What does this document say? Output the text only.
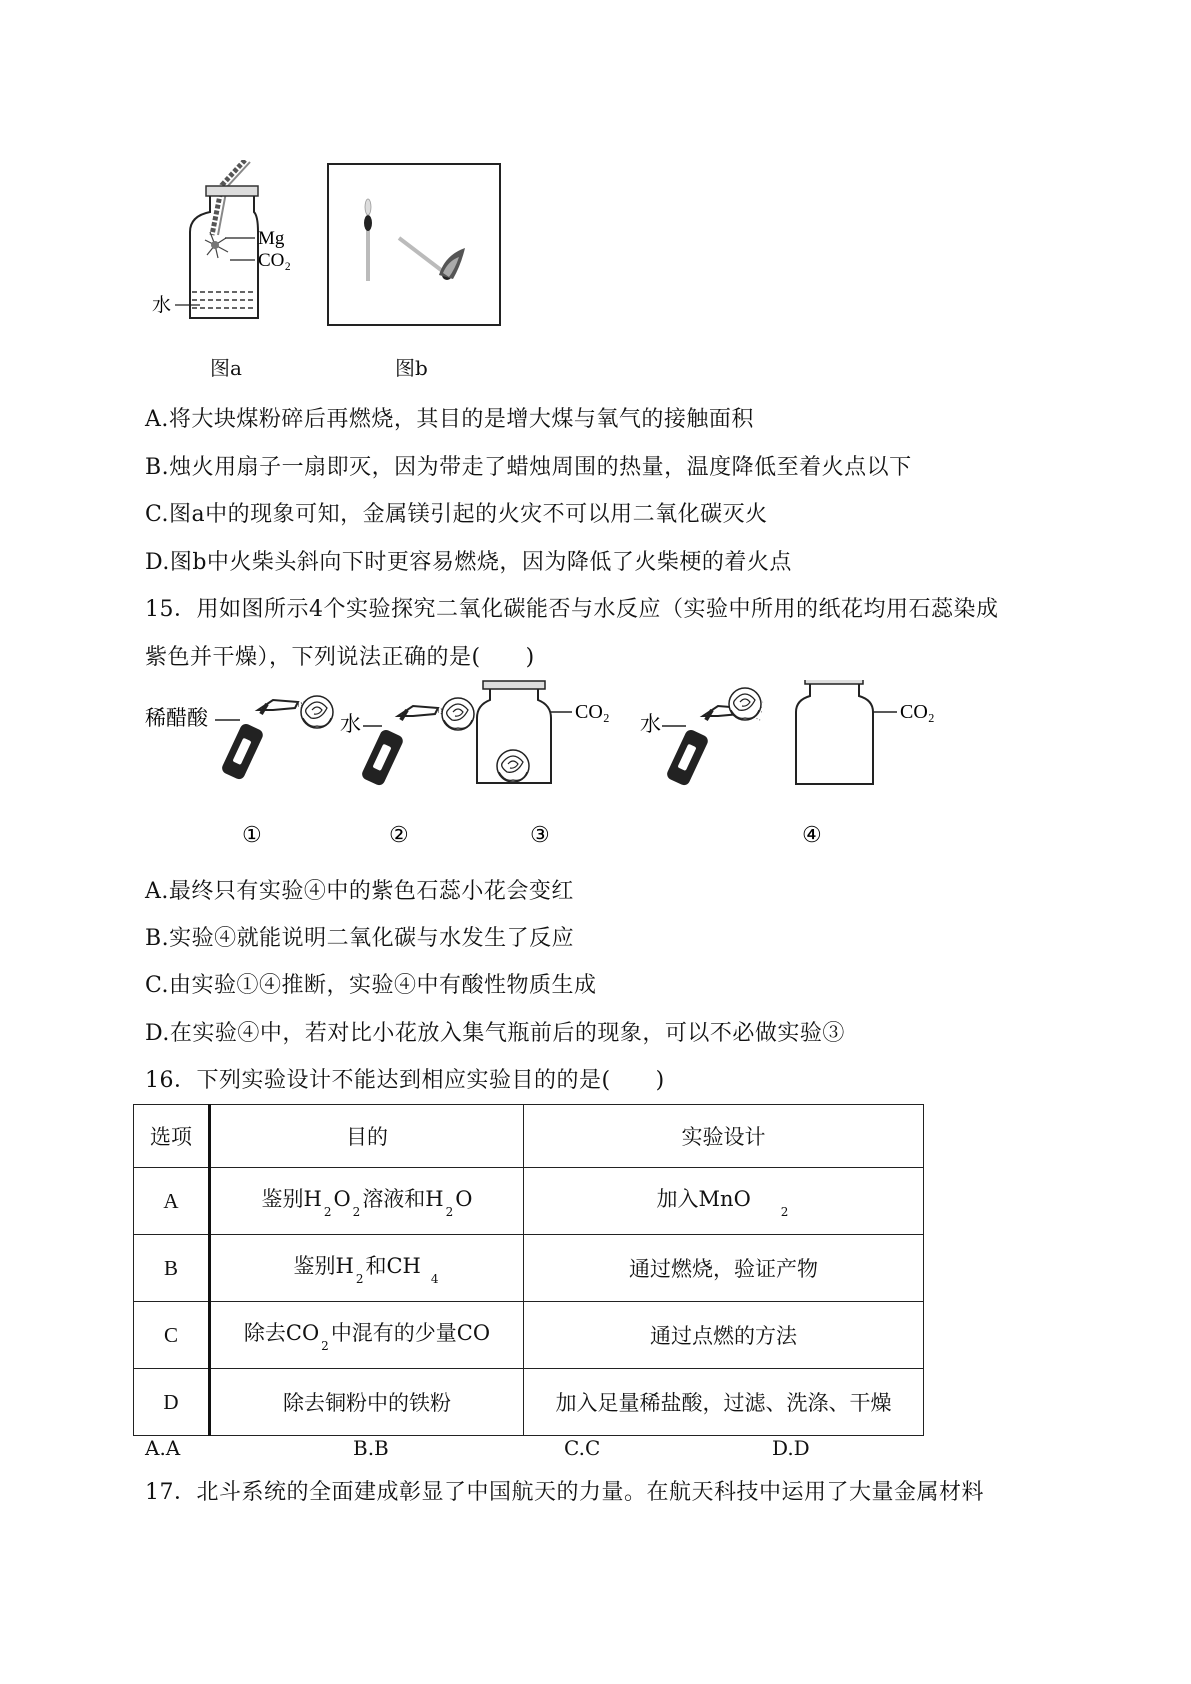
Mg
CO₂
水
图a	图b
A.将大块煤粉碎后再燃烧，其目的是增大煤与氧气的接触面积
B.烛火用扇子一扇即灭，因为带走了蜡烛周围的热量，温度降低至着火点以下
C.图a中的现象可知，金属镁引起的火灾不可以用二氧化碳灭火
D.图b中火柴头斜向下时更容易燃烧，因为降低了火柴梗的着火点
15．用如图所示4个实验探究二氧化碳能否与水反应（实验中所用的纸花均用石蕊染成
紫色并干燥），下列说法正确的是(　　)
稀醋酸	水	CO₂ 水	CO₂
①	②	③	④
A.最终只有实验④中的紫色石蕊小花会变红
B.实验④就能说明二氧化碳与水发生了反应
C.由实验①④推断，实验④中有酸性物质生成
D.在实验④中，若对比小花放入集气瓶前后的现象，可以不必做实验③
16．下列实验设计不能达到相应实验目的的是(　　)
选项	目的	实验设计
A	鉴别$H_2O_2$溶液和$H_2O$	加入MnO$_2$
B	鉴别$H_2$和$CH_4$	通过燃烧，验证产物
C	除去$CO_2$中混有的少量CO	通过点燃的方法
D	除去铜粉中的铁粉	加入足量稀盐酸，过滤、洗涤、干燥
A.A	B.B	C.C	D.D
17．北斗系统的全面建成彰显了中国航天的力量。在航天科技中运用了大量金属材料
